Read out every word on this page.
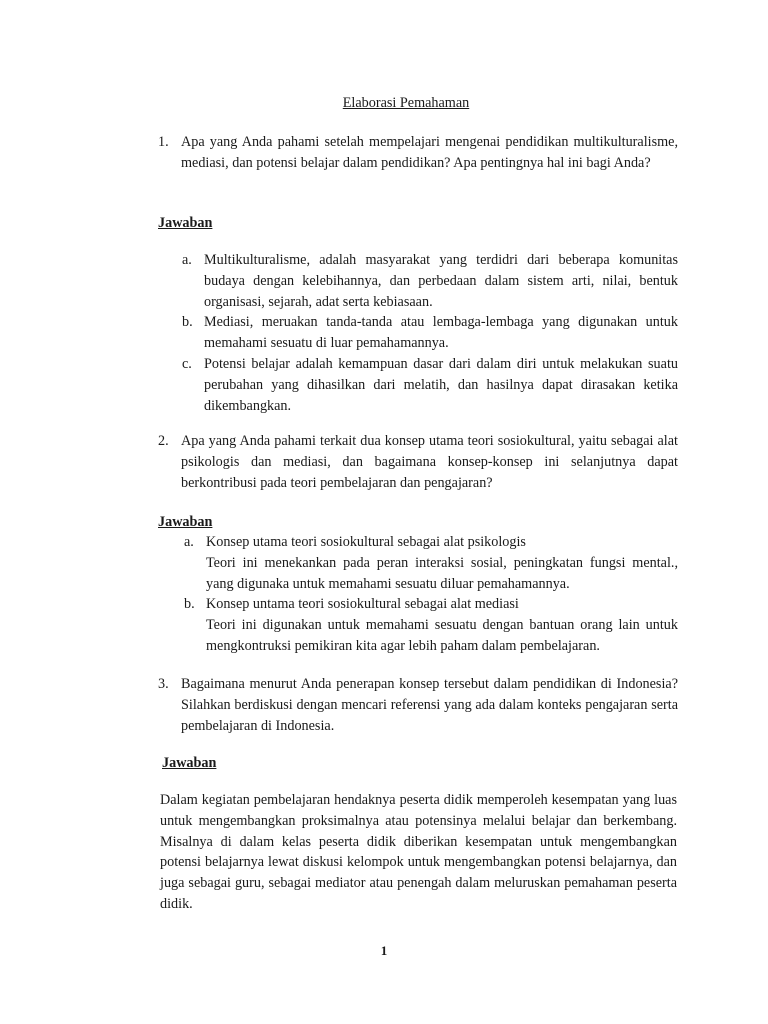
Elaborasi Pemahaman
1. Apa yang Anda pahami setelah mempelajari mengenai pendidikan multikulturalisme, mediasi, dan potensi belajar dalam pendidikan? Apa pentingnya hal ini bagi Anda?
Jawaban
a. Multikulturalisme, adalah masyarakat yang terdidri dari beberapa komunitas budaya dengan kelebihannya, dan perbedaan dalam sistem arti, nilai, bentuk organisasi, sejarah, adat serta kebiasaan.
b. Mediasi, meruakan tanda-tanda atau lembaga-lembaga yang digunakan untuk memahami sesuatu di luar pemahamannya.
c. Potensi belajar adalah kemampuan dasar dari dalam diri untuk melakukan suatu perubahan yang dihasilkan dari melatih, dan hasilnya dapat dirasakan ketika dikembangkan.
2. Apa yang Anda pahami terkait dua konsep utama teori sosiokultural, yaitu sebagai alat psikologis dan mediasi, dan bagaimana konsep-konsep ini selanjutnya dapat berkontribusi pada teori pembelajaran dan pengajaran?
Jawaban
a. Konsep utama teori sosiokultural sebagai alat psikologis
Teori ini menekankan pada peran interaksi sosial, peningkatan fungsi mental., yang digunaka untuk memahami sesuatu diluar pemahamannya.
b. Konsep untama teori sosiokultural sebagai alat mediasi
Teori ini digunakan untuk memahami sesuatu dengan bantuan orang lain untuk mengkontruksi pemikiran kita agar lebih paham dalam pembelajaran.
3. Bagaimana menurut Anda penerapan konsep tersebut dalam pendidikan di Indonesia? Silahkan berdiskusi dengan mencari referensi yang ada dalam konteks pengajaran serta pembelajaran di Indonesia.
Jawaban
Dalam kegiatan pembelajaran hendaknya peserta didik memperoleh kesempatan yang luas untuk mengembangkan proksimalnya atau potensinya melalui belajar dan berkembang. Misalnya di dalam kelas peserta didik diberikan kesempatan untuk mengembangkan potensi belajarnya lewat diskusi kelompok untuk mengembangkan potensi belajarnya, dan juga sebagai guru, sebagai mediator atau penengah dalam meluruskan pemahaman peserta didik.
1
